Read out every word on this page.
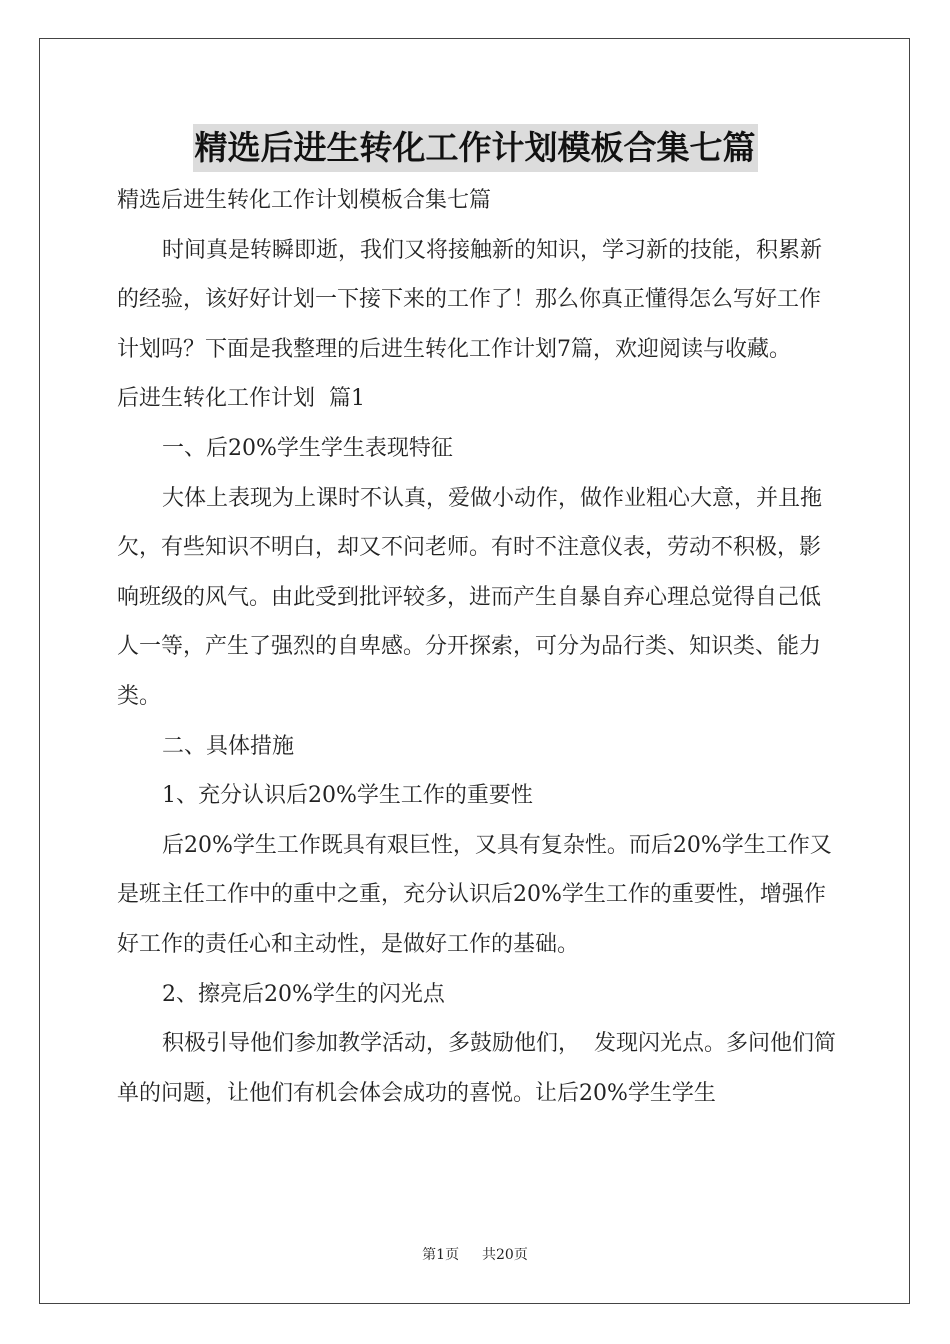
精选后进生转化工作计划模板合集七篇

精选后进生转化工作计划模板合集七篇

时间真是转瞬即逝，我们又将接触新的知识，学习新的技能，积累新的经验，该好好计划一下接下来的工作了！那么你真正懂得怎么写好工作计划吗？下面是我整理的后进生转化工作计划7篇，欢迎阅读与收藏。

后进生转化工作计划  篇1

一、后20%学生学生表现特征

大体上表现为上课时不认真，爱做小动作，做作业粗心大意，并且拖欠，有些知识不明白，却又不问老师。有时不注意仪表，劳动不积极，影响班级的风气。由此受到批评较多，进而产生自暴自弃心理总觉得自己低人一等，产生了强烈的自卑感。分开探索，可分为品行类、知识类、能力类。

二、具体措施

1、充分认识后20%学生工作的重要性

后20%学生工作既具有艰巨性，又具有复杂性。而后20%学生工作又是班主任工作中的重中之重，充分认识后20%学生工作的重要性，增强作好工作的责任心和主动性，是做好工作的基础。

2、擦亮后20%学生的闪光点

积极引导他们参加教学活动，多鼓励他们，  发现闪光点。多问他们简单的问题，让他们有机会体会成功的喜悦。让后20%学生学生

第1页 共20页
